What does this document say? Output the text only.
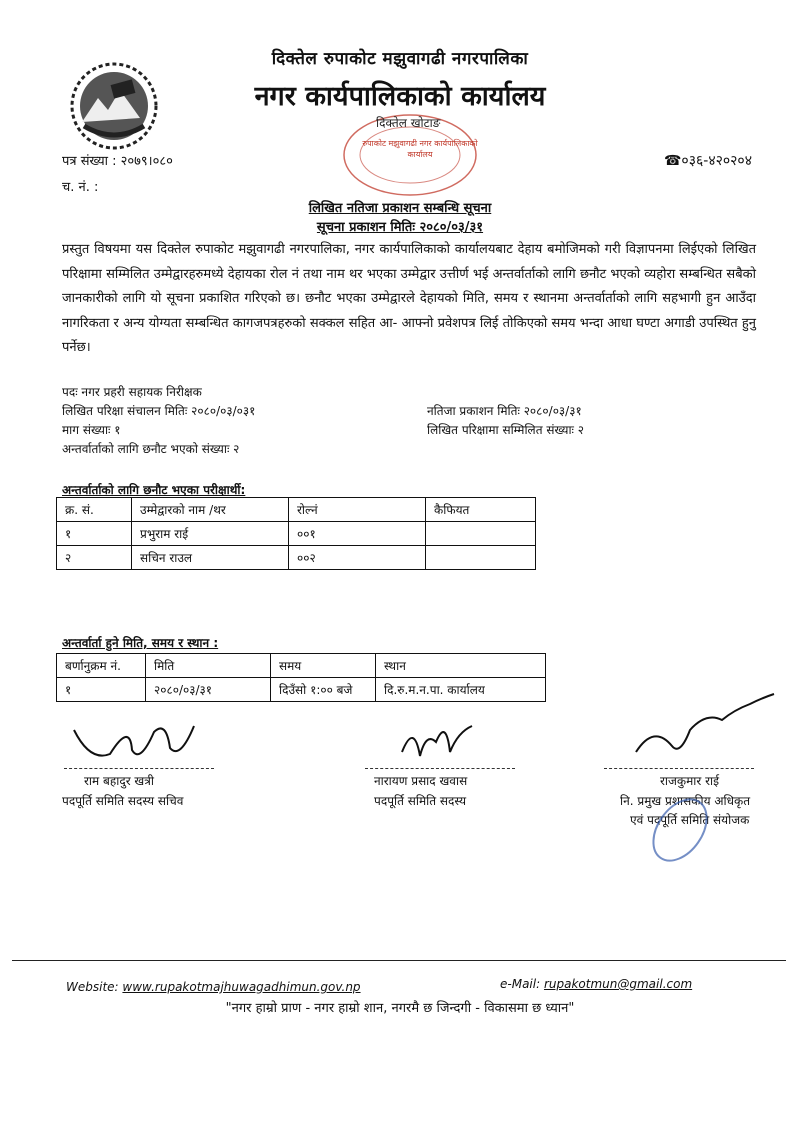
दिक्तेल रुपाकोट मझुवागढी नगरपालिका
नगर कार्यपालिकाको कार्यालय
दिक्तेल खोटाङ
रुपाकोट मझुवागढी नगर कार्यपालिकाको कार्यालय
पत्र संख्या : २०७९।०८०
च. नं. :
☎०३६-४२०२०४
लिखित नतिजा प्रकाशन सम्बन्धि सूचना
सूचना प्रकाशन मितिः २०८०/०३/३१
प्रस्तुत विषयमा यस दिक्तेल रुपाकोट मझुवागढी नगरपालिका, नगर कार्यपालिकाको कार्यालयबाट देहाय बमोजिमको गरी विज्ञापनमा लिईएको लिखित परिक्षामा सम्मिलित उम्मेद्वारहरुमध्ये देहायका रोल नं तथा नाम थर भएका उम्मेद्वार उत्तीर्ण भई अन्तर्वार्ताको लागि छनौट भएको व्यहोरा सम्बन्धित सबैको जानकारीको लागि यो सूचना प्रकाशित गरिएको छ। छनौट भएका उम्मेद्वारले देहायको मिति, समय र स्थानमा अन्तर्वार्ताको लागि सहभागी हुन आउँदा नागरिकता र अन्य योग्यता सम्बन्धित कागजपत्रहरुको सक्कल सहित आ- आफ्नो प्रवेशपत्र लिई तोकिएको समय भन्दा आधा घण्टा अगाडी उपस्थित हुनु पर्नेछ।
पदः नगर प्रहरी सहायक निरीक्षक
लिखित परिक्षा संचालन मितिः २०८०/०३/०३१
माग संख्याः १
अन्तर्वार्ताको लागि छनौट भएको संख्याः २
नतिजा प्रकाशन मितिः २०८०/०३/३१
लिखित परिक्षामा सम्मिलित संख्याः २
अन्तर्वार्ताको लागि छनौट भएका परीक्षार्थी:
क्र. सं.	उम्मेद्वारको नाम /थर	रोल्नं	कैफियत
१	प्रभुराम राई	००१	
२	सचिन राउल	००२	
अन्तर्वार्ता हुने मिति, समय र स्थान :
बर्णानुक्रम नं.	मिति	समय	स्थान
१	२०८०/०३/३१	दिउँसो १:०० बजे	दि.रु.म.न.पा. कार्यालय
राम बहादुर खत्री
पदपूर्ति समिति सदस्य सचिव
नारायण प्रसाद खवास
पदपूर्ति समिति सदस्य
राजकुमार राई
नि. प्रमुख प्रशासकीय अधिकृत
एवं पदपूर्ति समिति संयोजक
Website: www.rupakotmajhuwagadhimun.gov.np	e-Mail: rupakotmun@gmail.com
"नगर हाम्रो प्राण - नगर हाम्रो शान, नगरमै छ जिन्दगी - विकासमा छ ध्यान"
